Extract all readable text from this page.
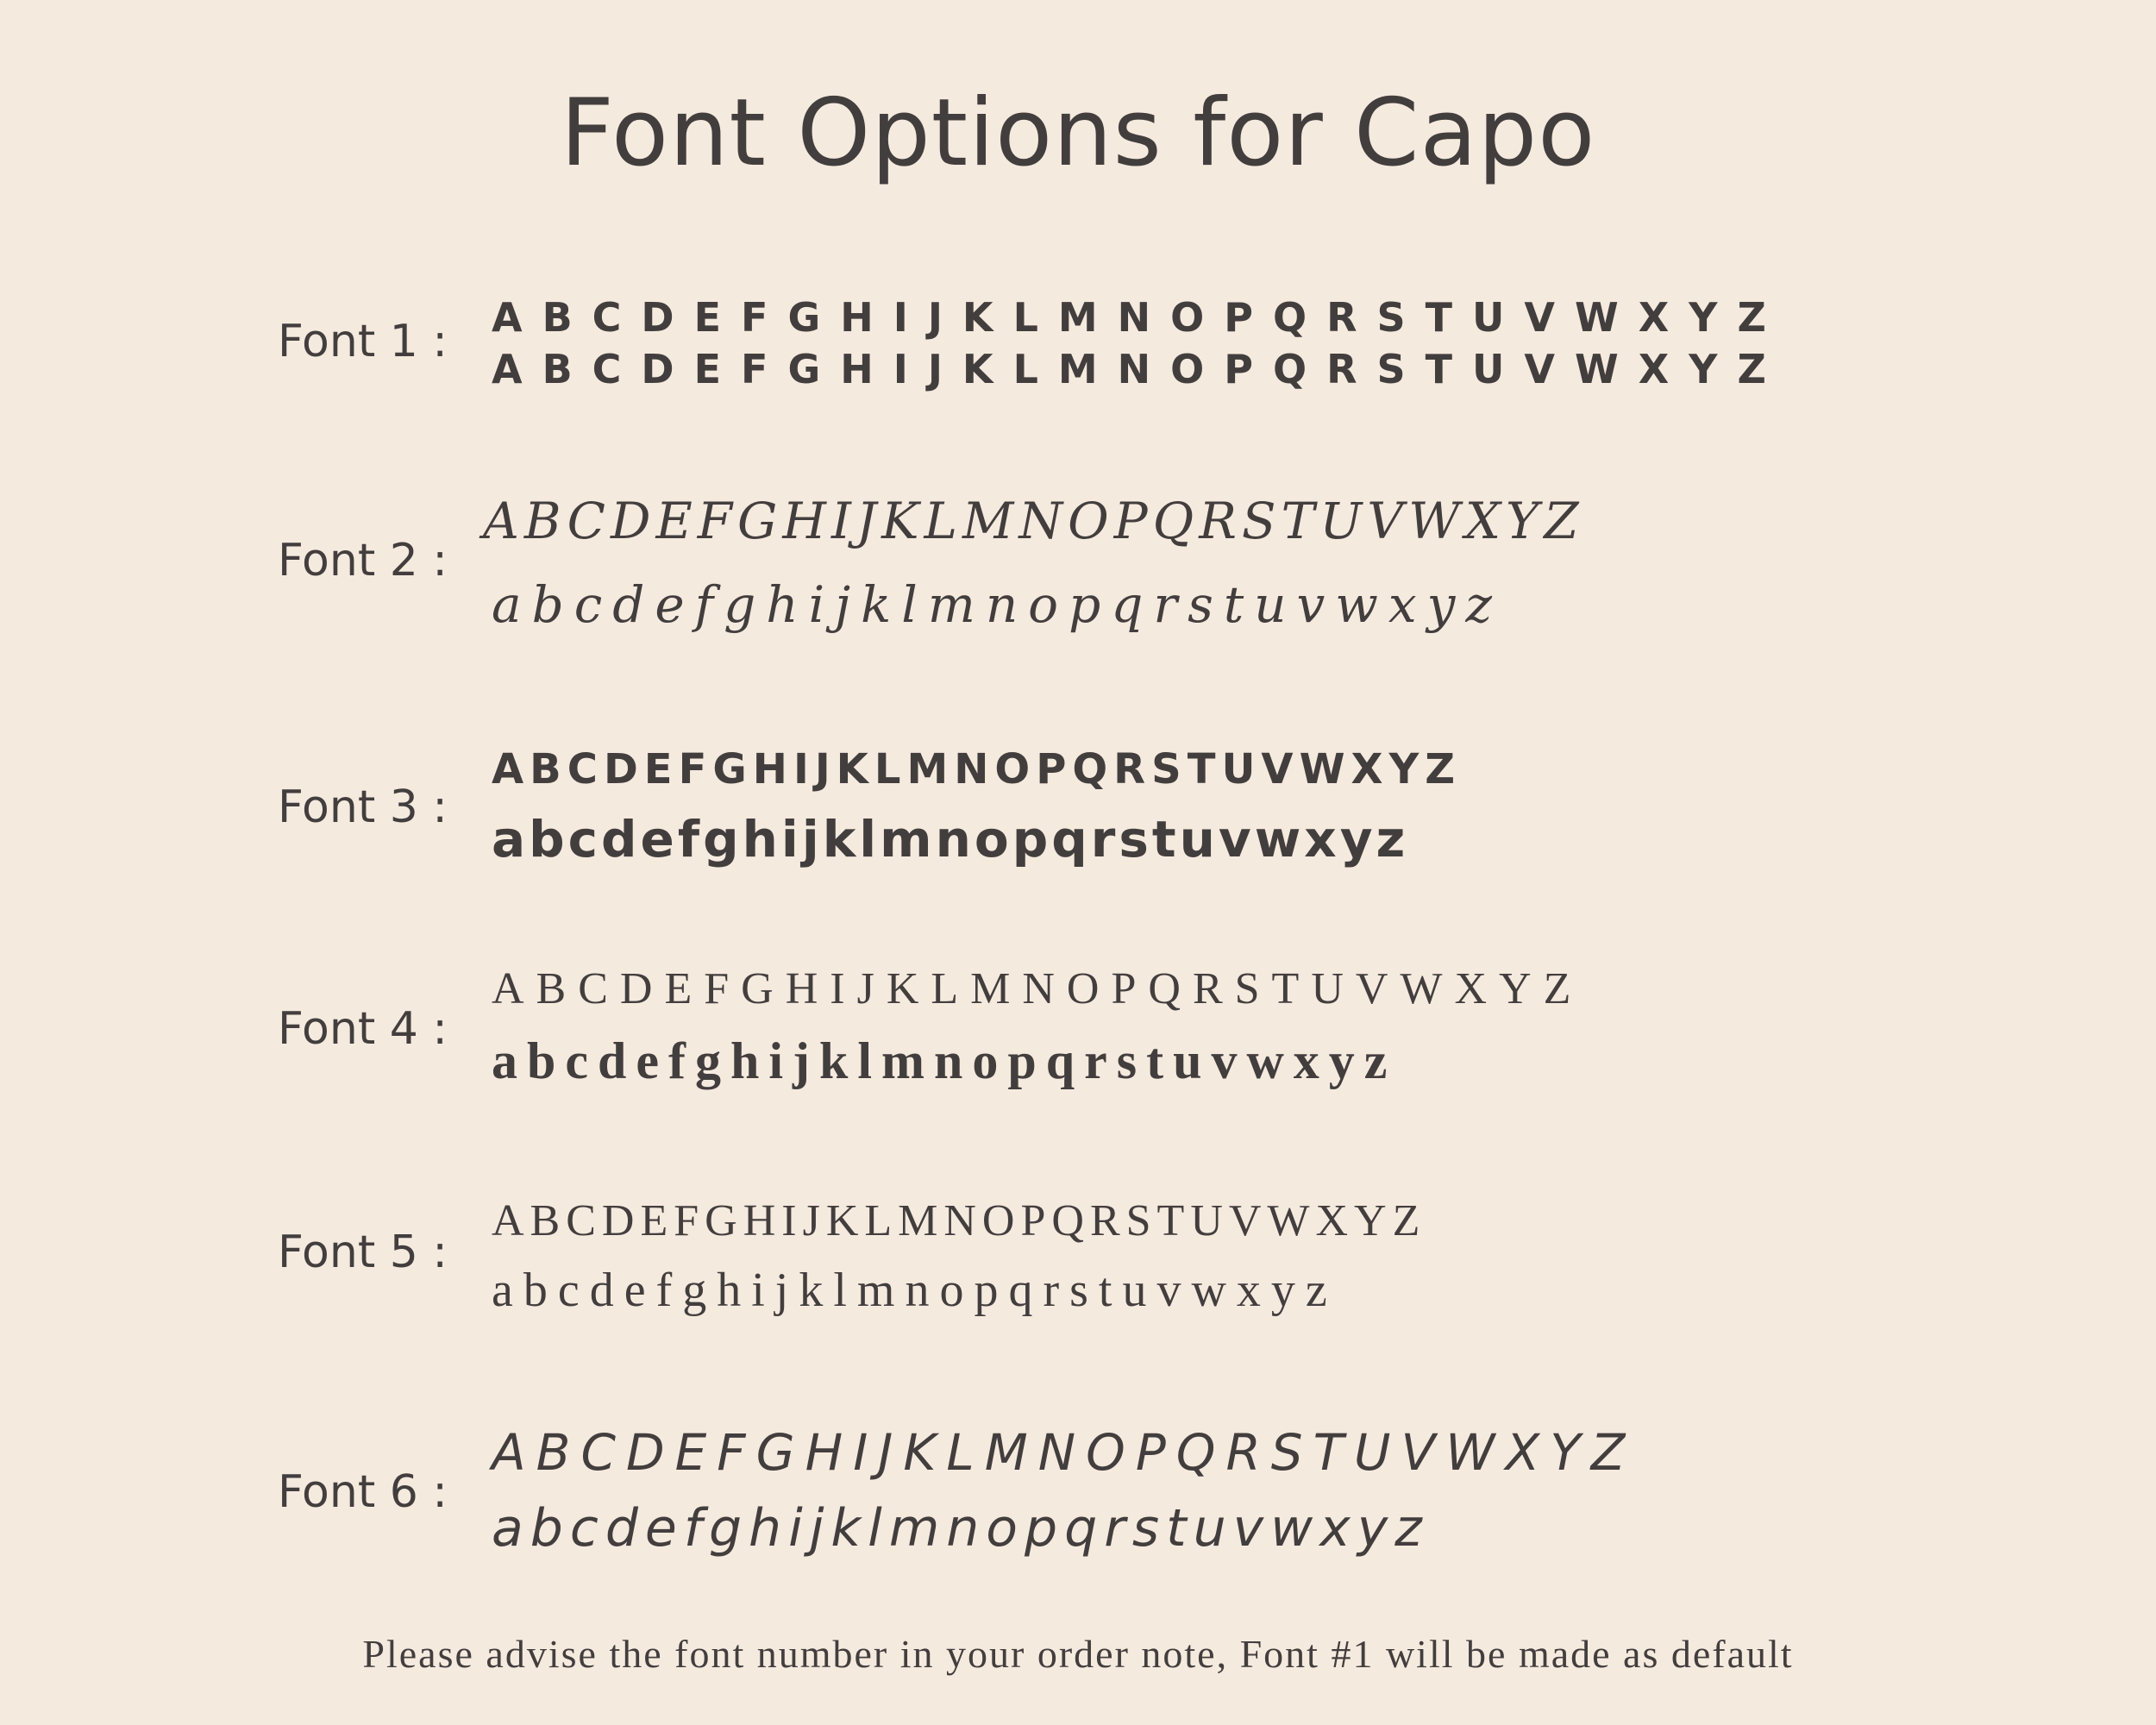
Font Options for Capo
Font 1 : ABCDEFGHIJKLMNOPQRSTUVWXYZ
ABCDEFGHIJKLMNOPQRSTUVWXYZ
Font 2 :
ABCDEFGHIJKLMNOPQRSTUVWXYZ
abcdefghijklmnopqrstuvwxyz
Font 3 :
ABCDEFGHIJKLMNOPQRSTUVWXYZ
abcdefghijklmnopqrstuvwxyz
Font 4 :
ABCDEFGHIJKLMNOPQRSTUVWXYZ
abcdefghijklmnopqrstuvwxyz
Font 5 :
ABCDEFGHIJKLMNOPQRSTUVWXYZ
abcdefghijklmnopqrstuvwxyz
Font 6 :
ABCDEFGHIJKLMNOPQRSTUVWXYZ
abcdefghijklmnopqrstuvwxyz
Please advise the font number in your order note, Font #1 will be made as default
